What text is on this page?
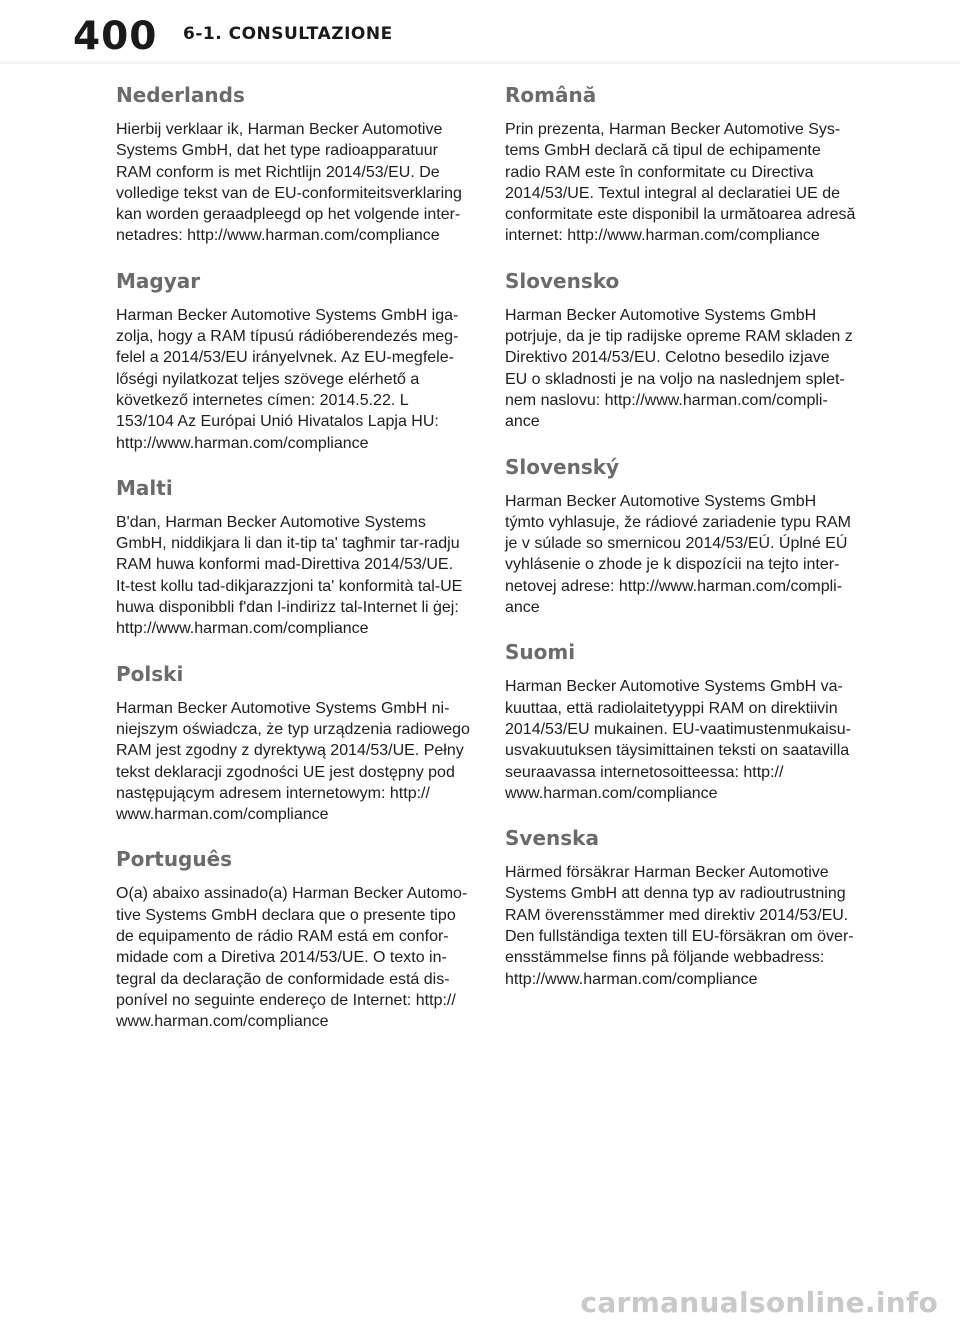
400 6-1. CONSULTAZIONE
Nederlands

Hierbij verklaar ik, Harman Becker Automotive
Systems GmbH, dat het type radioapparatuur
RAM conform is met Richtlijn 2014/53/EU. De
volledige tekst van de EU-conformiteitsverklaring
kan worden geraadpleegd op het volgende inter-
netadres: http://www.harman.com/compliance

Magyar

Harman Becker Automotive Systems GmbH iga-
zolja, hogy a RAM típusú rádióberendezés meg-
felel a 2014/53/EU irányelvnek. Az EU-megfele-
lőségi nyilatkozat teljes szövege elérhető a
következő internetes címen: 2014.5.22. L
153/104 Az Európai Unió Hivatalos Lapja HU:
http://www.harman.com/compliance

Malti

B'dan, Harman Becker Automotive Systems
GmbH, niddikjara li dan it-tip ta' tagħmir tar-radju
RAM huwa konformi mad-Direttiva 2014/53/UE.
It-test kollu tad-dikjarazzjoni ta' konformità tal-UE
huwa disponibbli f'dan l-indirizz tal-Internet li ġej:
http://www.harman.com/compliance

Polski

Harman Becker Automotive Systems GmbH ni-
niejszym oświadcza, że typ urządzenia radiowego
RAM jest zgodny z dyrektywą 2014/53/UE. Pełny
tekst deklaracji zgodności UE jest dostępny pod
następującym adresem internetowym: http://
www.harman.com/compliance

Português

O(a) abaixo assinado(a) Harman Becker Automo-
tive Systems GmbH declara que o presente tipo
de equipamento de rádio RAM está em confor-
midade com a Diretiva 2014/53/UE. O texto in-
tegral da declaração de conformidade está dis-
ponível no seguinte endereço de Internet: http://
www.harman.com/compliance

Română

Prin prezenta, Harman Becker Automotive Sys-
tems GmbH declară că tipul de echipamente
radio RAM este în conformitate cu Directiva
2014/53/UE. Textul integral al declaratiei UE de
conformitate este disponibil la următoarea adresă
internet: http://www.harman.com/compliance

Slovensko

Harman Becker Automotive Systems GmbH
potrjuje, da je tip radijske opreme RAM skladen z
Direktivo 2014/53/EU. Celotno besedilo izjave
EU o skladnosti je na voljo na naslednjem splet-
nem naslovu: http://www.harman.com/compli-
ance

Slovenský

Harman Becker Automotive Systems GmbH
týmto vyhlasuje, že rádiové zariadenie typu RAM
je v súlade so smernicou 2014/53/EÚ. Úplné EÚ
vyhlásenie o zhode je k dispozícii na tejto inter-
netovej adrese: http://www.harman.com/compli-
ance

Suomi

Harman Becker Automotive Systems GmbH va-
kuuttaa, että radiolaitetyyppi RAM on direktiivin
2014/53/EU mukainen. EU-vaatimustenmukaisu-
usvakuutuksen täysimittainen teksti on saatavilla
seuraavassa internetosoitteessa: http://
www.harman.com/compliance

Svenska

Härmed försäkrar Harman Becker Automotive
Systems GmbH att denna typ av radioutrustning
RAM överensstämmer med direktiv 2014/53/EU.
Den fullständiga texten till EU-försäkran om över-
ensstämmelse finns på följande webbadress:
http://www.harman.com/compliance

carmanualsonline.info
